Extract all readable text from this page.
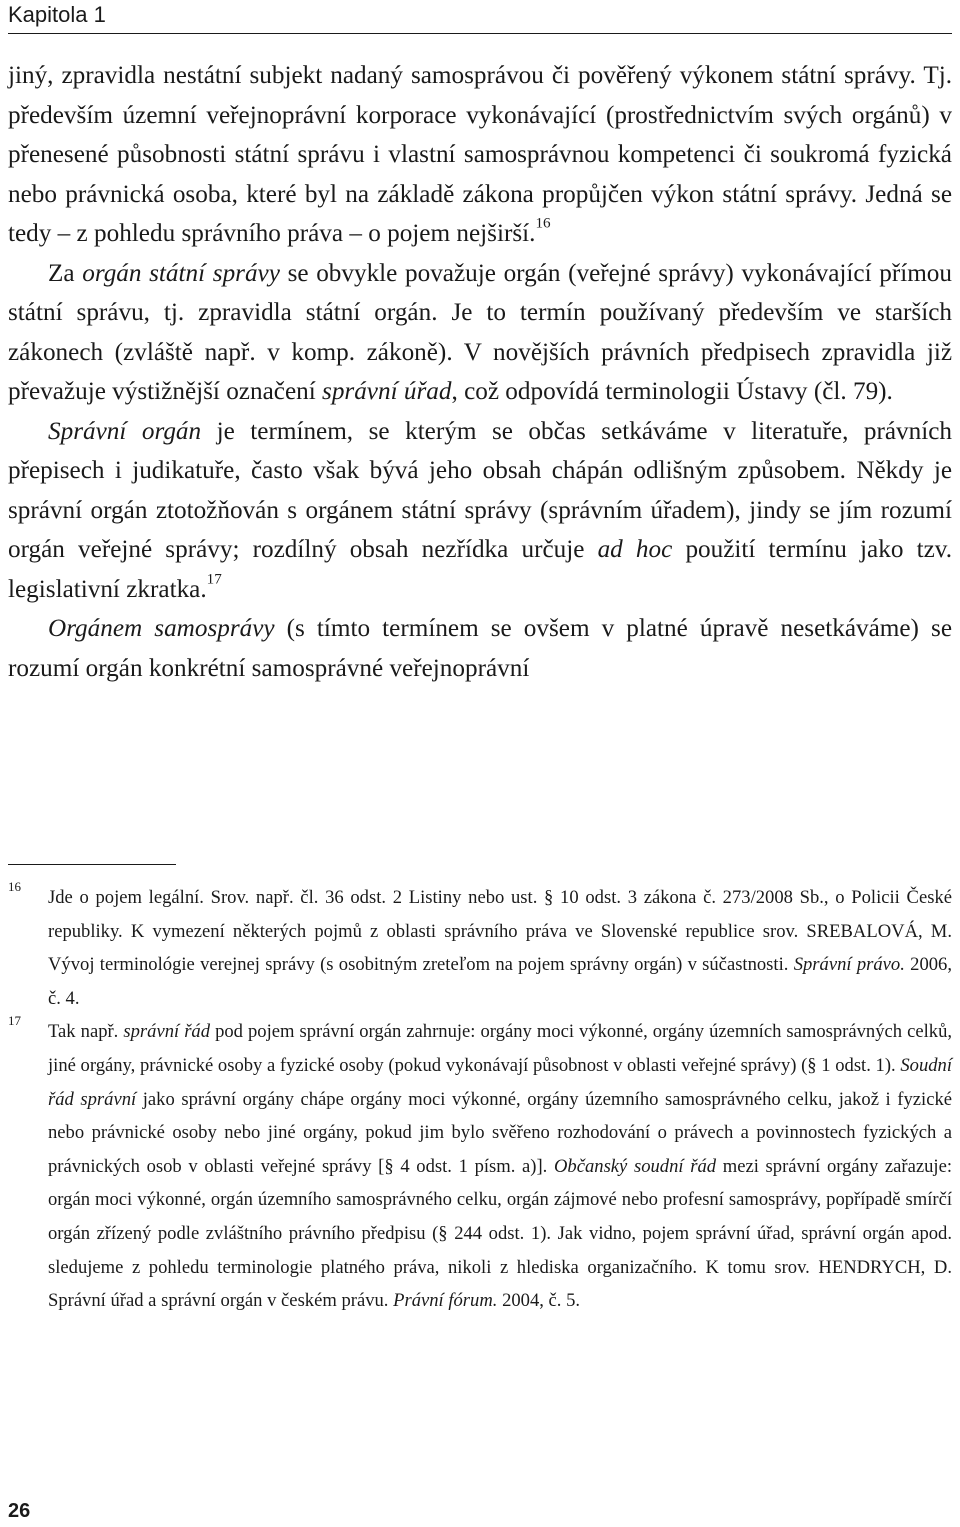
Kapitola 1

jiný, zpravidla nestátní subjekt nadaný samosprávou či pověřený výkonem státní správy. Tj. především územní veřejnoprávní korporace vykonávající (prostřednictvím svých orgánů) v přenesené působnosti státní správu i vlastní samosprávnou kompetenci či soukromá fyzická nebo právnická osoba, které byl na základě zákona propůjčen výkon státní správy. Jedná se tedy – z pohledu správního práva – o pojem nejširší.$^{16}$

Za orgán státní správy se obvykle považuje orgán (veřejné správy) vykonávající přímou státní správu, tj. zpravidla státní orgán. Je to termín používaný především ve starších zákonech (zvláště např. v komp. zákoně). V novějších právních předpisech zpravidla již převažuje výstižnější označení správní úřad, což odpovídá terminologii Ústavy (čl. 79).

Správní orgán je termínem, se kterým se občas setkáváme v literatuře, právních přepisech i judikatuře, často však bývá jeho obsah chápán odlišným způsobem. Někdy je správní orgán ztotožňován s orgánem státní správy (správním úřadem), jindy se jím rozumí orgán veřejné správy; rozdílný obsah nezřídka určuje ad hoc použití termínu jako tzv. legislativní zkratka.$^{17}$

Orgánem samosprávy (s tímto termínem se ovšem v platné úpravě nesetkáváme) se rozumí orgán konkrétní samosprávné veřejnoprávní

16
Jde o pojem legální. Srov. např. čl. 36 odst. 2 Listiny nebo ust. § 10 odst. 3 zákona č. 273/2008 Sb., o Policii České republiky. K vymezení některých pojmů z oblasti správního práva ve Slovenské republice srov. SREBALOVÁ, M. Vývoj terminológie verejnej správy (s osobitným zreteľom na pojem správny orgán) v súčastnosti. Správní právo. 2006, č. 4.
17
Tak např. správní řád pod pojem správní orgán zahrnuje: orgány moci výkonné, orgány územních samosprávných celků, jiné orgány, právnické osoby a fyzické osoby (pokud vykonávají působnost v oblasti veřejné správy) (§ 1 odst. 1). Soudní řád správní jako správní orgány chápe orgány moci výkonné, orgány územního samosprávného celku, jakož i fyzické nebo právnické osoby nebo jiné orgány, pokud jim bylo svěřeno rozhodování o právech a povinnostech fyzických a právnických osob v oblasti veřejné správy [§ 4 odst. 1 písm. a)]. Občanský soudní řád mezi správní orgány zařazuje: orgán moci výkonné, orgán územního samosprávného celku, orgán zájmové nebo profesní samosprávy, popřípadě smírčí orgán zřízený podle zvláštního právního předpisu (§ 244 odst. 1). Jak vidno, pojem správní úřad, správní orgán apod. sledujeme z pohledu terminologie platného práva, nikoli z hlediska organizačního. K tomu srov. HENDRYCH, D. Správní úřad a správní orgán v českém právu. Právní fórum. 2004, č. 5.
26
